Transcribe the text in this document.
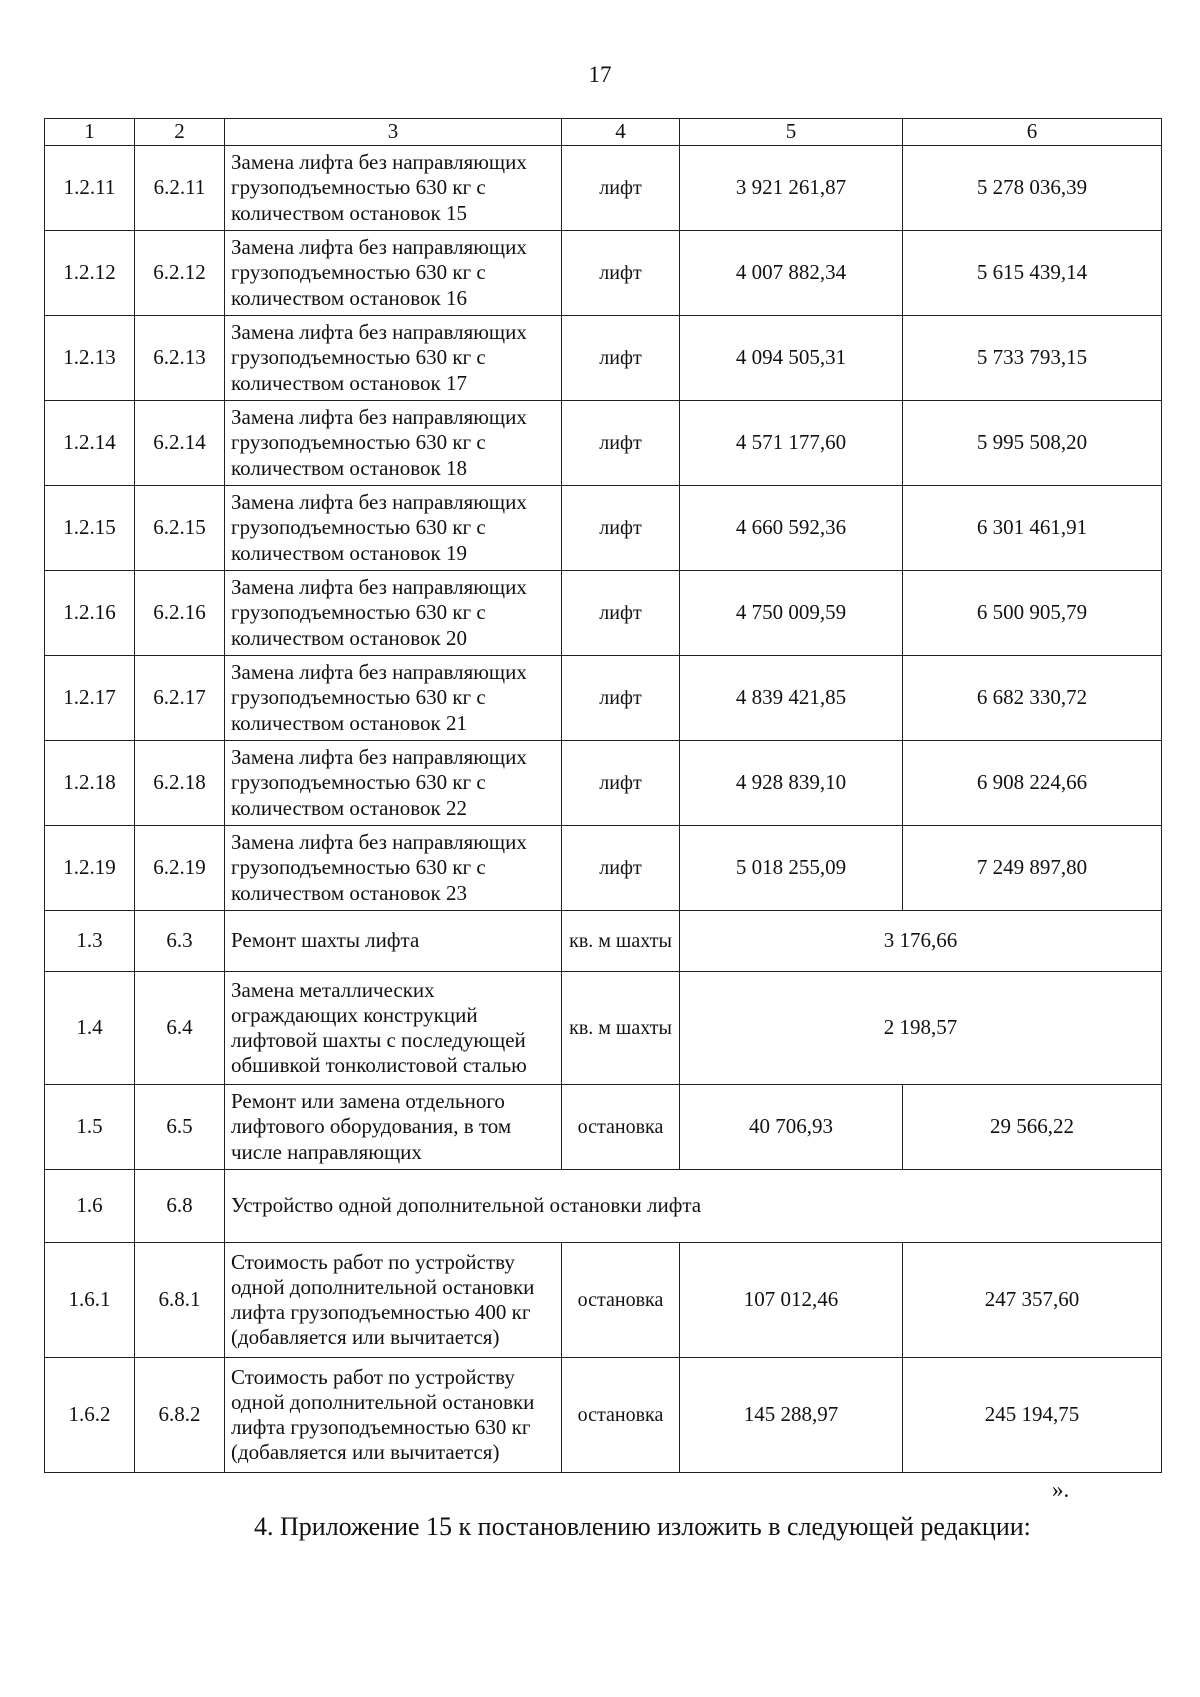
17
1	2	3	4	5	6
1.2.11	6.2.11	Замена лифта без направляющих грузоподъемностью 630 кг с количеством остановок 15	лифт	3 921 261,87	5 278 036,39
1.2.12	6.2.12	Замена лифта без направляющих грузоподъемностью 630 кг с количеством остановок 16	лифт	4 007 882,34	5 615 439,14
1.2.13	6.2.13	Замена лифта без направляющих грузоподъемностью 630 кг с количеством остановок 17	лифт	4 094 505,31	5 733 793,15
1.2.14	6.2.14	Замена лифта без направляющих грузоподъемностью 630 кг с количеством остановок 18	лифт	4 571 177,60	5 995 508,20
1.2.15	6.2.15	Замена лифта без направляющих грузоподъемностью 630 кг с количеством остановок 19	лифт	4 660 592,36	6 301 461,91
1.2.16	6.2.16	Замена лифта без направляющих грузоподъемностью 630 кг с количеством остановок 20	лифт	4 750 009,59	6 500 905,79
1.2.17	6.2.17	Замена лифта без направляющих грузоподъемностью 630 кг с количеством остановок 21	лифт	4 839 421,85	6 682 330,72
1.2.18	6.2.18	Замена лифта без направляющих грузоподъемностью 630 кг с количеством остановок 22	лифт	4 928 839,10	6 908 224,66
1.2.19	6.2.19	Замена лифта без направляющих грузоподъемностью 630 кг с количеством остановок 23	лифт	5 018 255,09	7 249 897,80
1.3	6.3	Ремонт шахты лифта	кв. м шахты	3 176,66	
1.4	6.4	Замена металлических ограждающих конструкций лифтовой шахты с последующей обшивкой тонколистовой сталью	кв. м шахты	2 198,57	
1.5	6.5	Ремонт или замена отдельного лифтового оборудования, в том числе направляющих	остановка	40 706,93	29 566,22
1.6	6.8	Устройство одной дополнительной остановки лифта			
1.6.1	6.8.1	Стоимость работ по устройству одной дополнительной остановки лифта грузоподъемностью 400 кг (добавляется или вычитается)	остановка	107 012,46	247 357,60
1.6.2	6.8.2	Стоимость работ по устройству одной дополнительной остановки лифта грузоподъемностью 630 кг (добавляется или вычитается)	остановка	145 288,97	245 194,75
».
4. Приложение 15 к постановлению изложить в следующей редакции:
